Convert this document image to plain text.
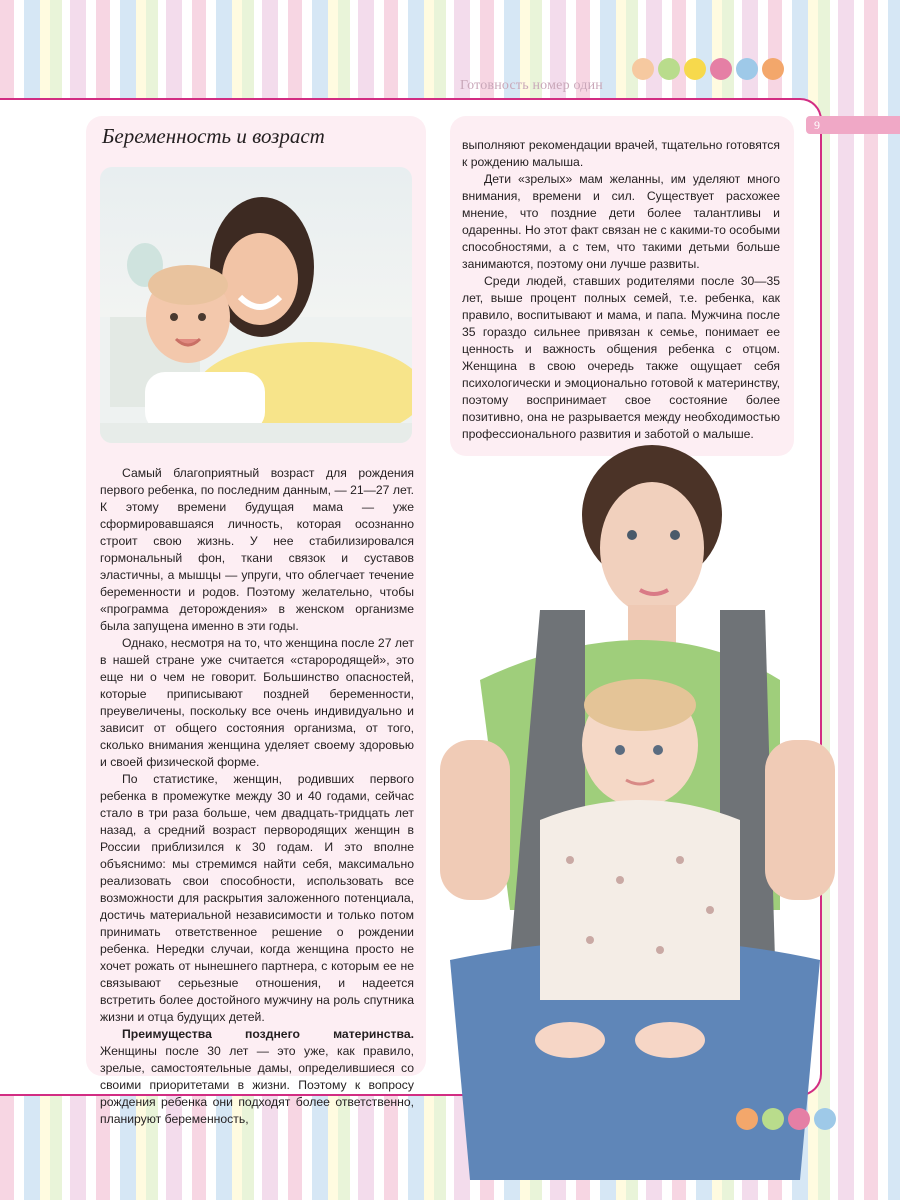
Готовность номер один
9
Беременность и возраст

Самый благоприятный возраст для рождения первого ребенка, по последним данным, — 21—27 лет. К этому времени будущая мама — уже сформировавшаяся личность, которая осознанно строит свою жизнь. У нее стабилизировался гормональный фон, ткани связок и суставов эластичны, а мышцы — упруги, что облегчает течение беременности и родов. Поэтому желательно, чтобы «программа деторождения» в женском организме была запущена именно в эти годы.

Однако, несмотря на то, что женщина после 27 лет в нашей стране уже считается «старородящей», это еще ни о чем не говорит. Большинство опасностей, которые приписывают поздней беременности, преувеличены, поскольку все очень индивидуально и зависит от общего состояния организма, от того, сколько внимания женщина уделяет своему здоровью и своей физической форме.

По статистике, женщин, родивших первого ребенка в промежутке между 30 и 40 годами, сейчас стало в три раза больше, чем двадцать-тридцать лет назад, а средний возраст первородящих женщин в России приблизился к 30 годам. И это вполне объяснимо: мы стремимся найти себя, максимально реализовать свои способности, использовать все возможности для раскрытия заложенного потенциала, достичь материальной независимости и только потом принимать ответственное решение о рождении ребенка. Нередки случаи, когда женщина просто не хочет рожать от нынешнего партнера, с которым ее не связывают серьезные отношения, и надеется встретить более достойного мужчину на роль спутника жизни и отца будущих детей.

Преимущества позднего материнства. Женщины после 30 лет — это уже, как правило, зрелые, самостоятельные дамы, определившиеся со своими приоритетами в жизни. Поэтому к вопросу рождения ребенка они подходят более ответственно, планируют беременность,

выполняют рекомендации врачей, тщательно готовятся к рождению малыша.

Дети «зрелых» мам желанны, им уделяют много внимания, времени и сил. Существует расхожее мнение, что поздние дети более талантливы и одаренны. Но этот факт связан не с какими-то особыми способностями, а с тем, что такими детьми больше занимаются, поэтому они лучше развиты.

Среди людей, ставших родителями после 30—35 лет, выше процент полных семей, т.е. ребенка, как правило, воспитывают и мама, и папа. Мужчина после 35 гораздо сильнее привязан к семье, понимает ее ценность и важность общения ребенка с отцом. Женщина в свою очередь также ощущает себя психологически и эмоционально готовой к материнству, поэтому воспринимает свое состояние более позитивно, она не разрывается между необходимостью профессионального развития и заботой о малыше.
